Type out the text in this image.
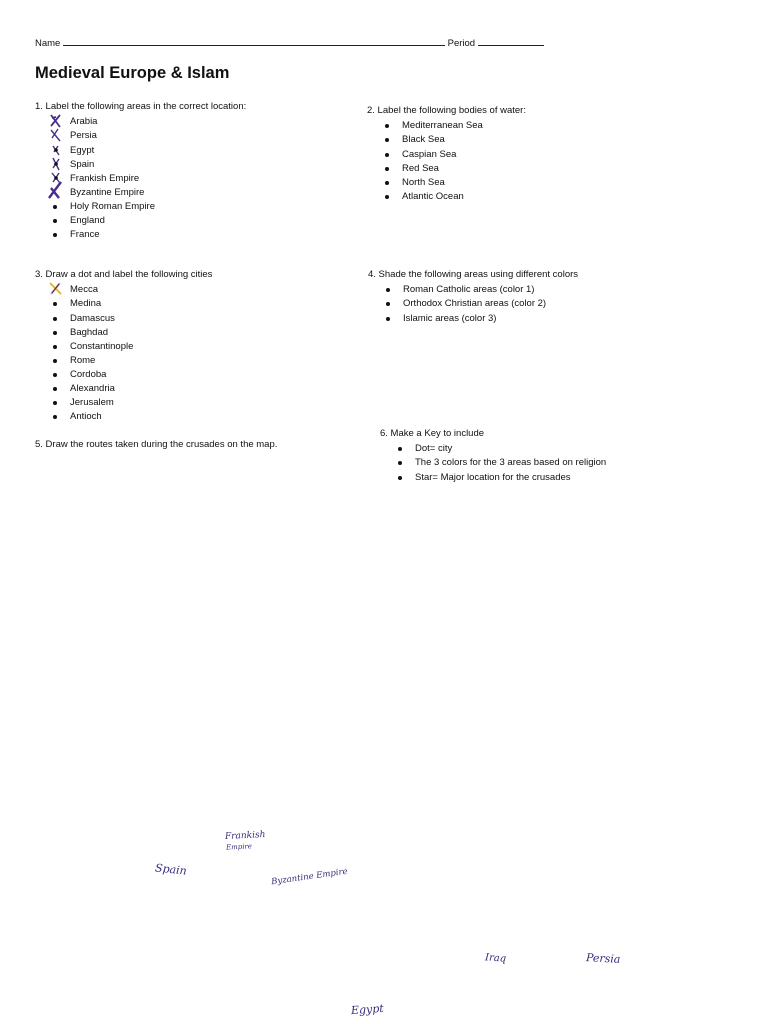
Name	Period
Medieval Europe & Islam
1. Label the following areas in the correct location:
Arabia
Persia
Egypt
Spain
Frankish Empire
Byzantine Empire
Holy Roman Empire
England
France
2. Label the following bodies of water:
Mediterranean Sea
Black Sea
Caspian Sea
Red Sea
North Sea
Atlantic Ocean
3. Draw a dot and label the following cities
Mecca
Medina
Damascus
Baghdad
Constantinople
Rome
Cordoba
Alexandria
Jerusalem
Antioch
4. Shade the following areas using different colors
Roman Catholic areas (color 1)
Orthodox Christian areas (color 2)
Islamic areas (color 3)
5. Draw the routes taken during the crusades on the map.
6. Make a Key to include
Dot= city
The 3 colors for the 3 areas based on religion
Star= Major location for the crusades
Frankish
Empire
Spain	Byzantine Empire
Iraq	Persia
Egypt
